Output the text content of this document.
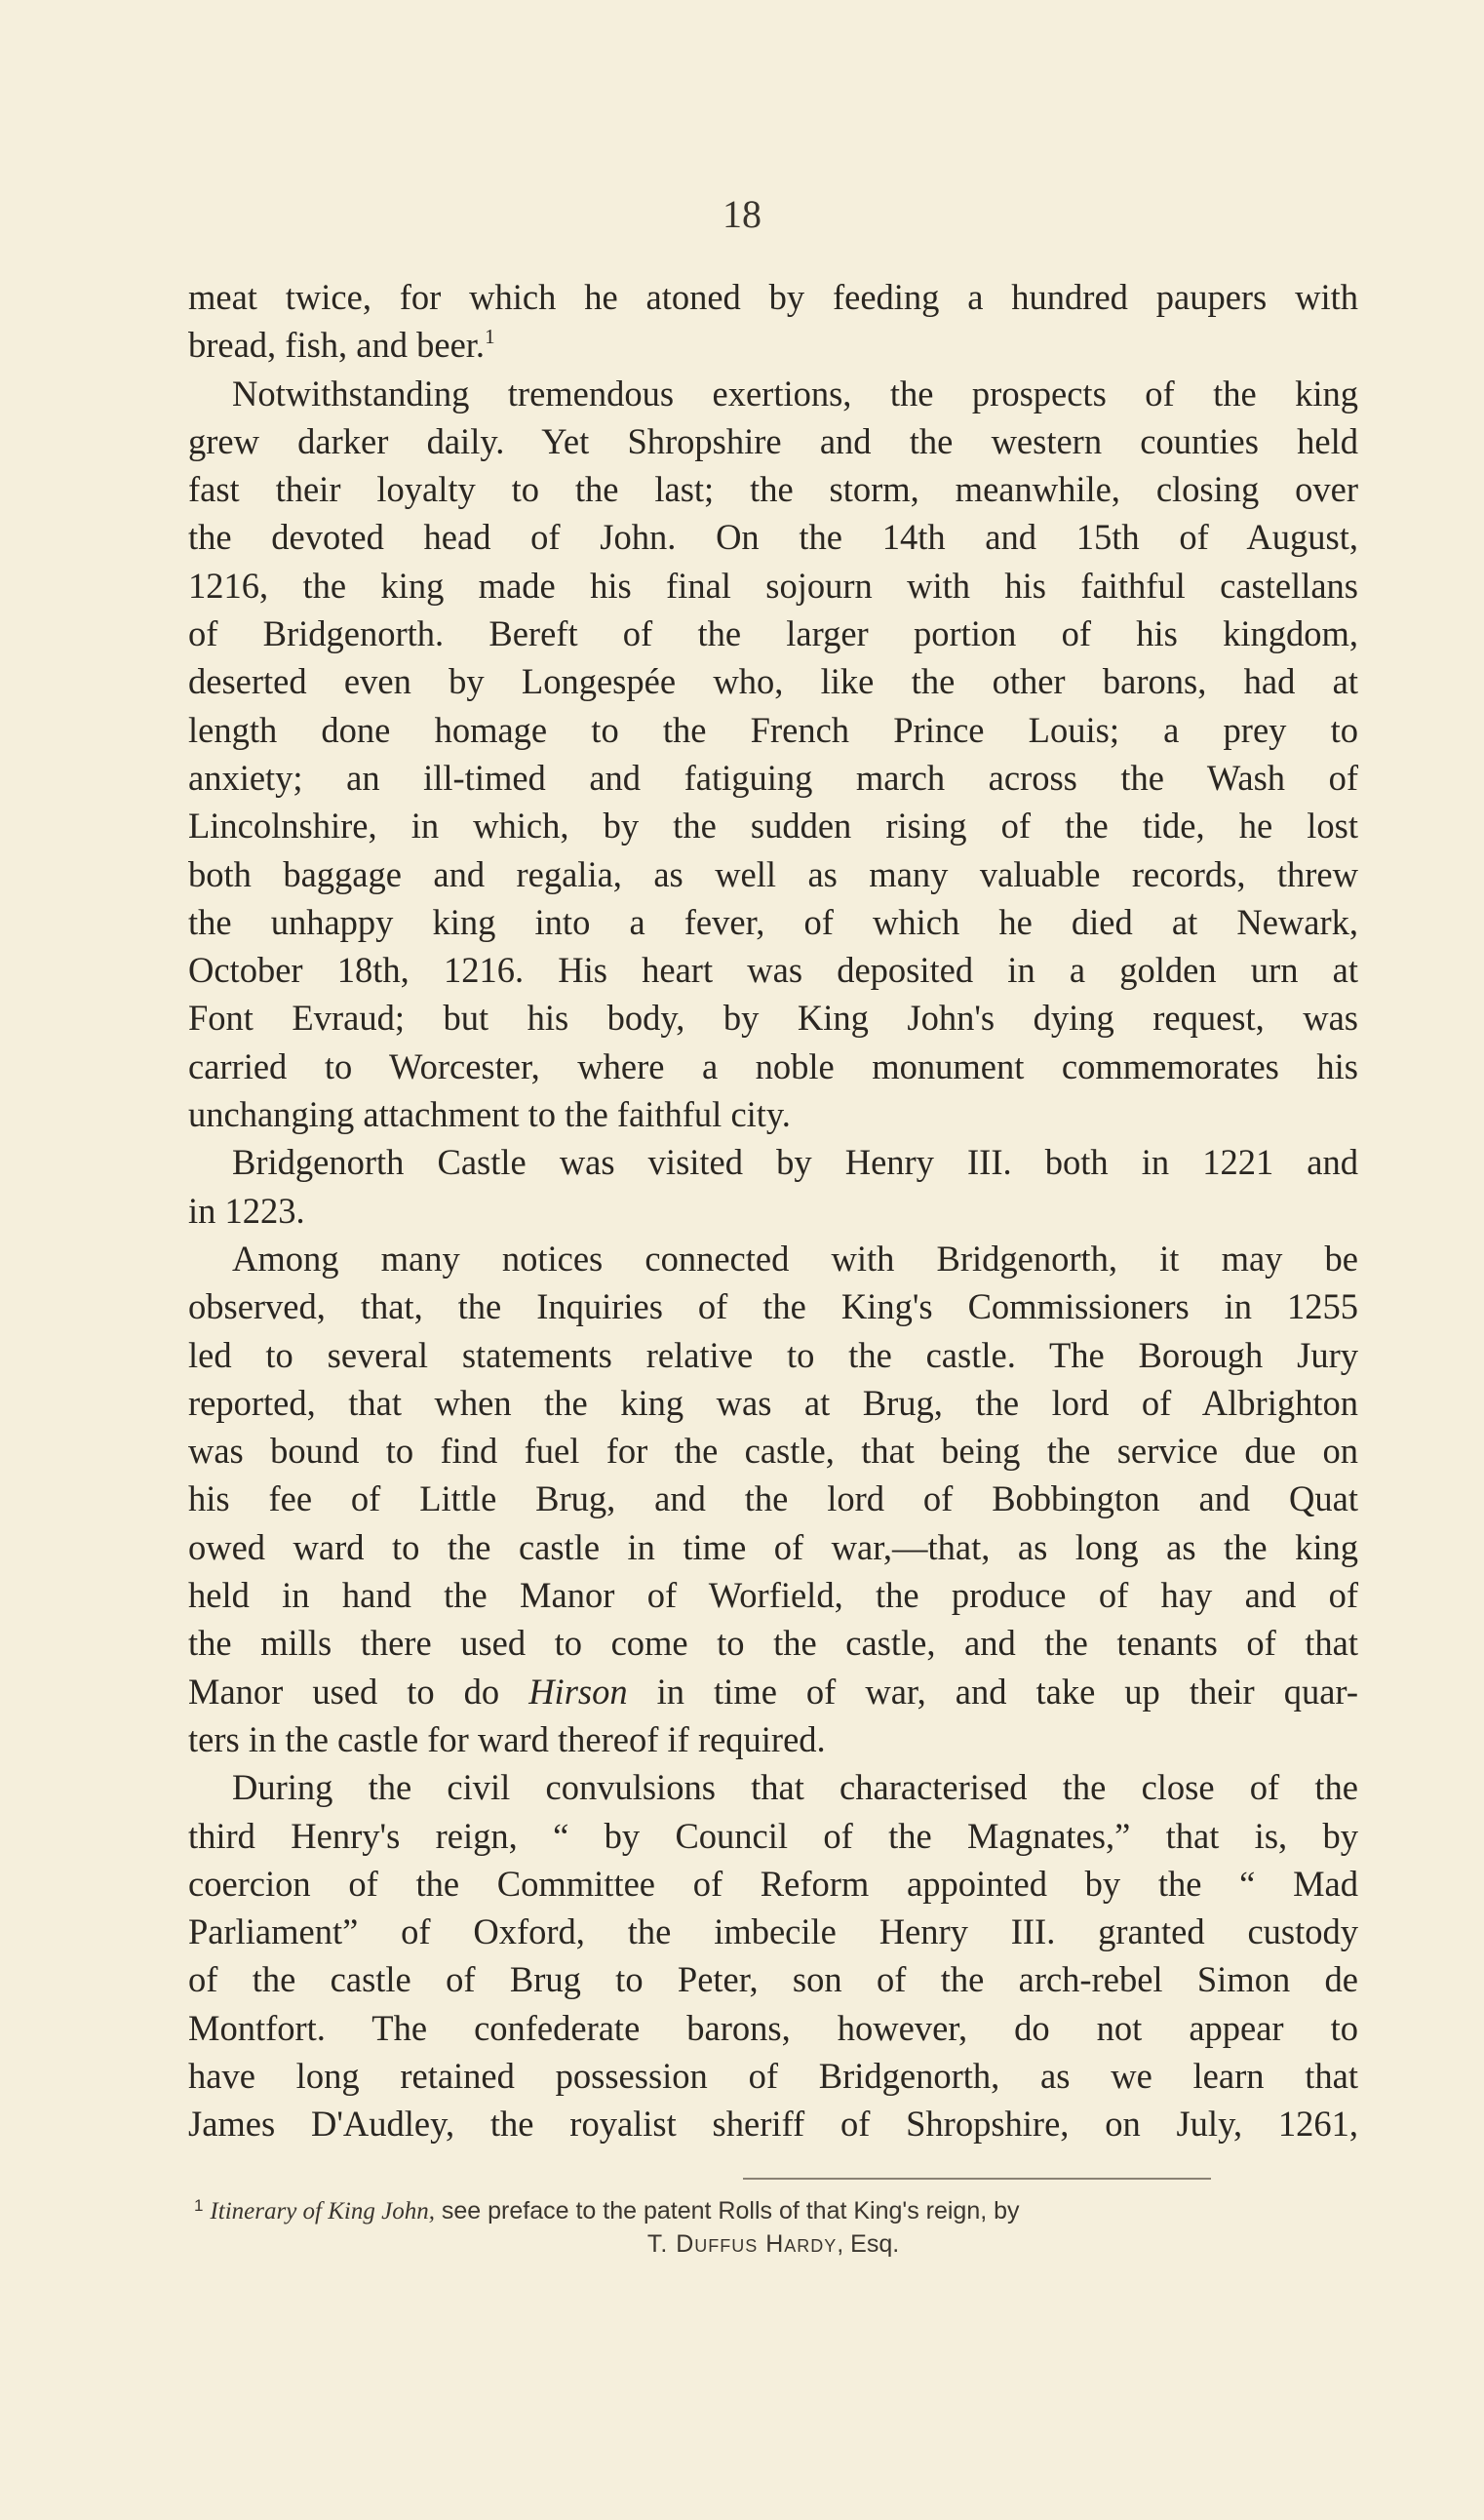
18
meat twice, for which he atoned by feeding a hundred paupers with
bread, fish, and beer.$^1$
Notwithstanding tremendous exertions, the prospects of the king
grew darker daily. Yet Shropshire and the western counties held
fast their loyalty to the last; the storm, meanwhile, closing over
the devoted head of John. On the 14th and 15th of August,
1216, the king made his final sojourn with his faithful castellans
of Bridgenorth. Bereft of the larger portion of his kingdom,
deserted even by Longespée who, like the other barons, had at
length done homage to the French Prince Louis; a prey to
anxiety; an ill-timed and fatiguing march across the Wash of
Lincolnshire, in which, by the sudden rising of the tide, he lost
both baggage and regalia, as well as many valuable records, threw
the unhappy king into a fever, of which he died at Newark,
October 18th, 1216. His heart was deposited in a golden urn at
Font Evraud; but his body, by King John's dying request, was
carried to Worcester, where a noble monument commemorates his
unchanging attachment to the faithful city.
Bridgenorth Castle was visited by Henry III. both in 1221 and
in 1223.
Among many notices connected with Bridgenorth, it may be
observed, that, the Inquiries of the King's Commissioners in 1255
led to several statements relative to the castle. The Borough Jury
reported, that when the king was at Brug, the lord of Albrighton
was bound to find fuel for the castle, that being the service due on
his fee of Little Brug, and the lord of Bobbington and Quat
owed ward to the castle in time of war,—that, as long as the king
held in hand the Manor of Worfield, the produce of hay and of
the mills there used to come to the castle, and the tenants of that
Manor used to do Hirson in time of war, and take up their quar-
ters in the castle for ward thereof if required.
During the civil convulsions that characterised the close of the
third Henry's reign, “ by Council of the Magnates,” that is, by
coercion of the Committee of Reform appointed by the “ Mad
Parliament” of Oxford, the imbecile Henry III. granted custody
of the castle of Brug to Peter, son of the arch-rebel Simon de
Montfort. The confederate barons, however, do not appear to
have long retained possession of Bridgenorth, as we learn that
James D'Audley, the royalist sheriff of Shropshire, on July, 1261,
$^1$ Itinerary of King John, see preface to the patent Rolls of that King's reign, by
T. Duffus Hardy, Esq.
